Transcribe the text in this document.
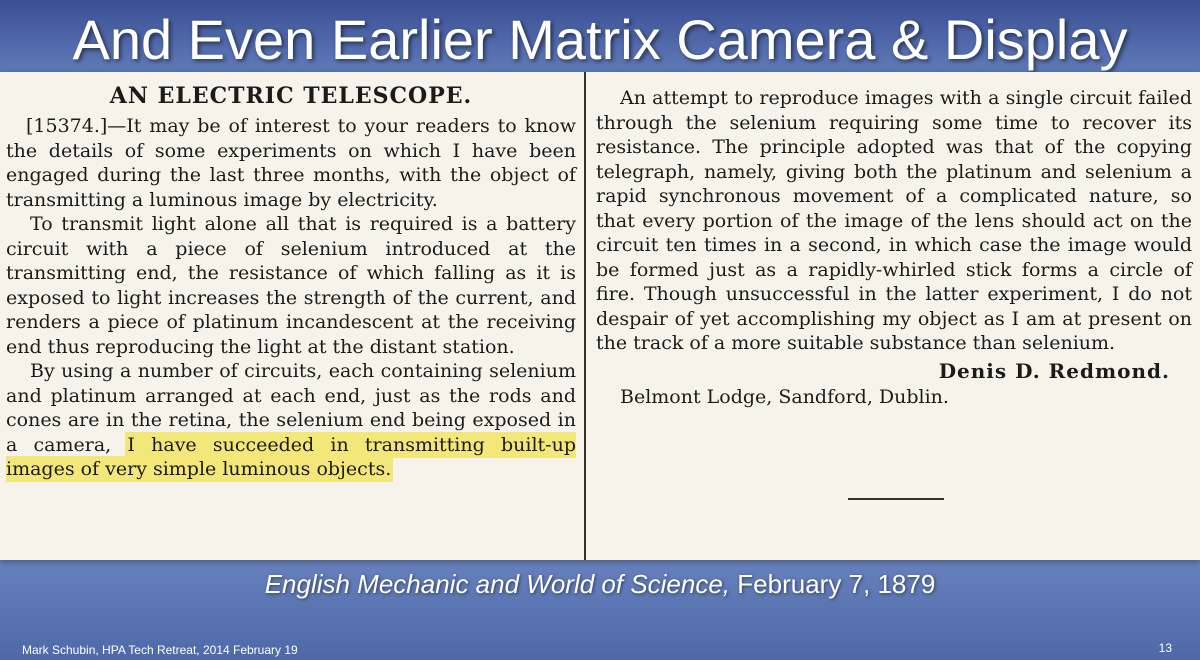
And Even Earlier Matrix Camera & Display
AN ELECTRIC TELESCOPE.

[15374.]—It may be of interest to your readers to know the details of some experiments on which I have been engaged during the last three months, with the object of transmitting a luminous image by electricity.

To transmit light alone all that is required is a battery circuit with a piece of selenium introduced at the transmitting end, the resistance of which falling as it is exposed to light increases the strength of the current, and renders a piece of platinum incandescent at the receiving end thus reproducing the light at the distant station.

By using a number of circuits, each containing selenium and platinum arranged at each end, just as the rods and cones are in the retina, the selenium end being exposed in a camera, I have succeeded in transmitting built-up images of very simple luminous objects.

An attempt to reproduce images with a single circuit failed through the selenium requiring some time to recover its resistance. The principle adopted was that of the copying telegraph, namely, giving both the platinum and selenium a rapid synchronous movement of a complicated nature, so that every portion of the image of the lens should act on the circuit ten times in a second, in which case the image would be formed just as a rapidly-whirled stick forms a circle of fire. Though unsuccessful in the latter experiment, I do not despair of yet accomplishing my object as I am at present on the track of a more suitable substance than selenium.

Denis D. Redmond.

Belmont Lodge, Sandford, Dublin.

English Mechanic and World of Science, February 7, 1879
Mark Schubin, HPA Tech Retreat, 2014 February 19	13
